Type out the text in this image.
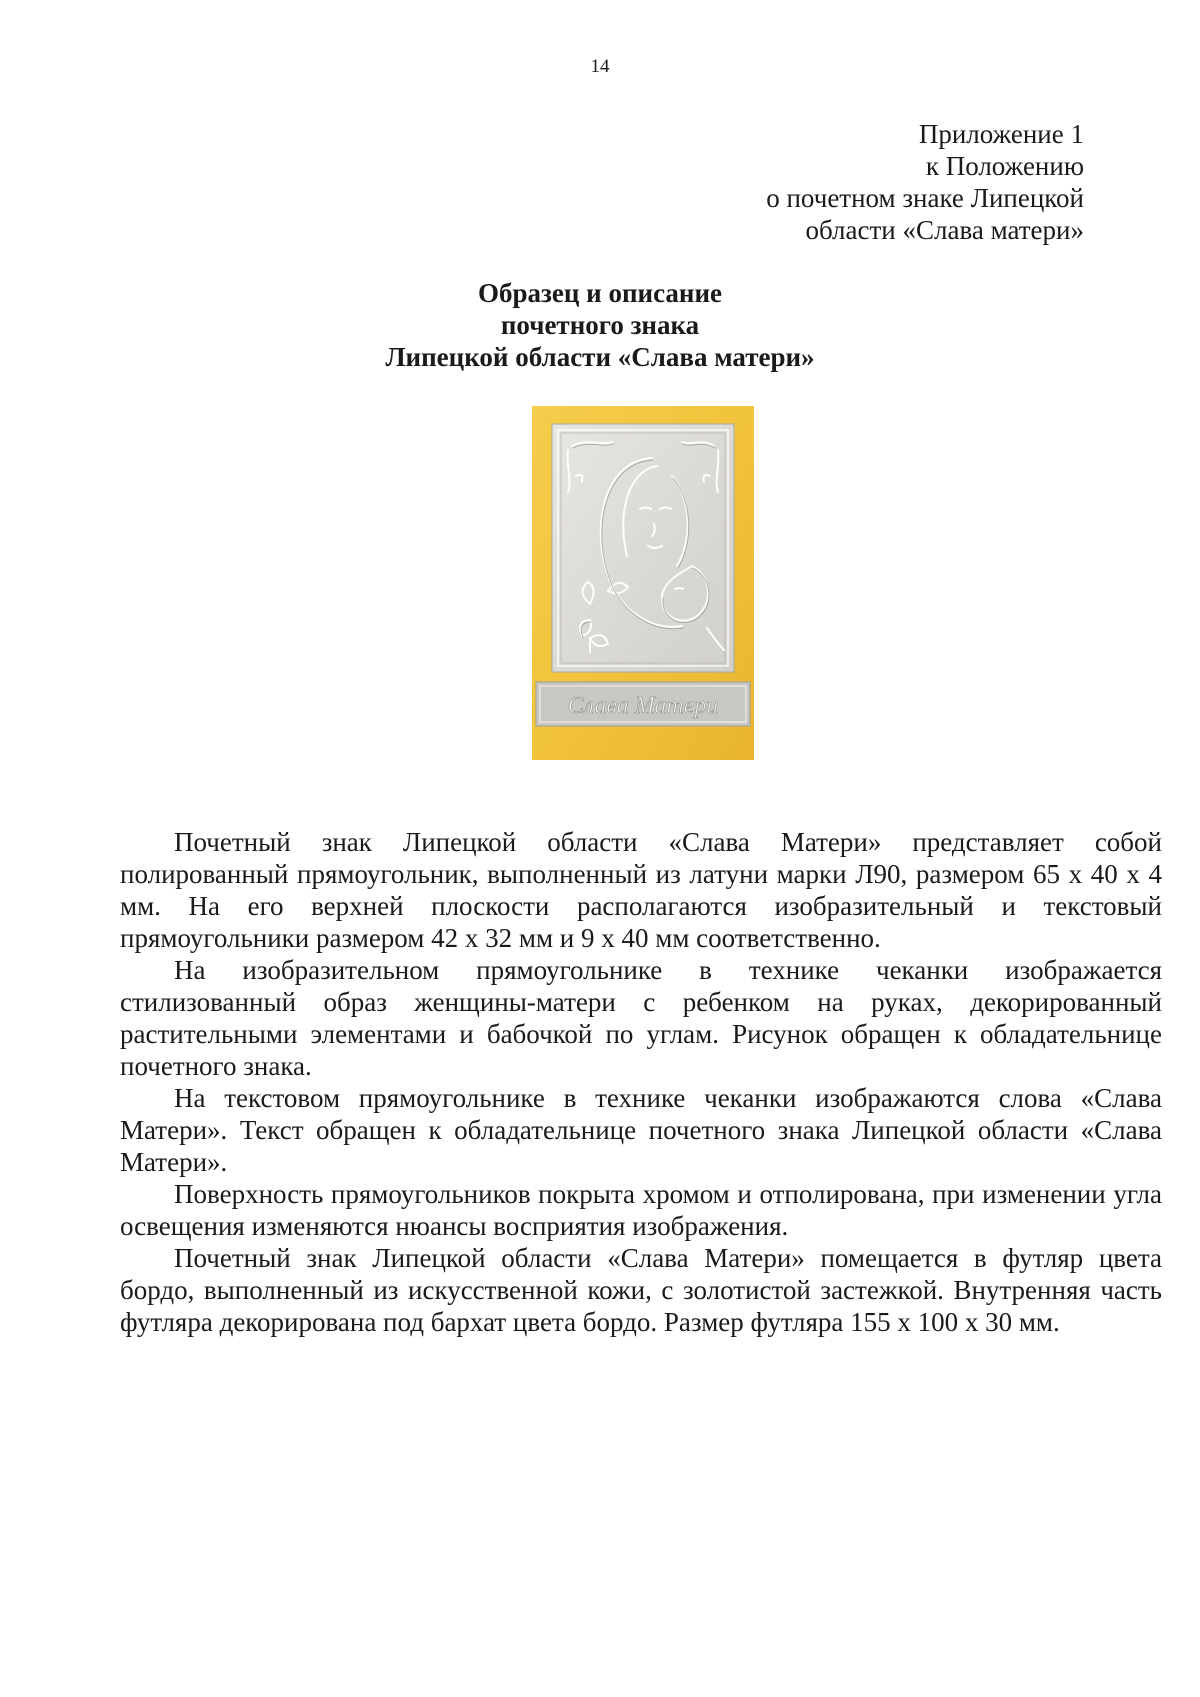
14
Приложение 1
к Положению
о почетном знаке Липецкой
области «Слава матери»
Образец и описание
почетного знака
Липецкой области «Слава матери»
Слава Матери

Почетный знак Липецкой области «Слава Матери» представляет собой полированный прямоугольник, выполненный из латуни марки Л90, размером 65 х 40 х 4 мм. На его верхней плоскости располагаются изобразительный и текстовый прямоугольники размером 42 х 32 мм и 9 х 40 мм соответственно.

На изобразительном прямоугольнике в технике чеканки изображается стилизованный образ женщины-матери с ребенком на руках, декорированный растительными элементами и бабочкой по углам. Рисунок обращен к обладательнице почетного знака.

На текстовом прямоугольнике в технике чеканки изображаются слова «Слава Матери». Текст обращен к обладательнице почетного знака Липецкой области «Слава Матери».

Поверхность прямоугольников покрыта хромом и отполирована, при изменении угла освещения изменяются нюансы восприятия изображения.

Почетный знак Липецкой области «Слава Матери» помещается в футляр цвета бордо, выполненный из искусственной кожи, с золотистой застежкой. Внутренняя часть футляра декорирована под бархат цвета бордо. Размер футляра 155 х 100 х 30 мм.
